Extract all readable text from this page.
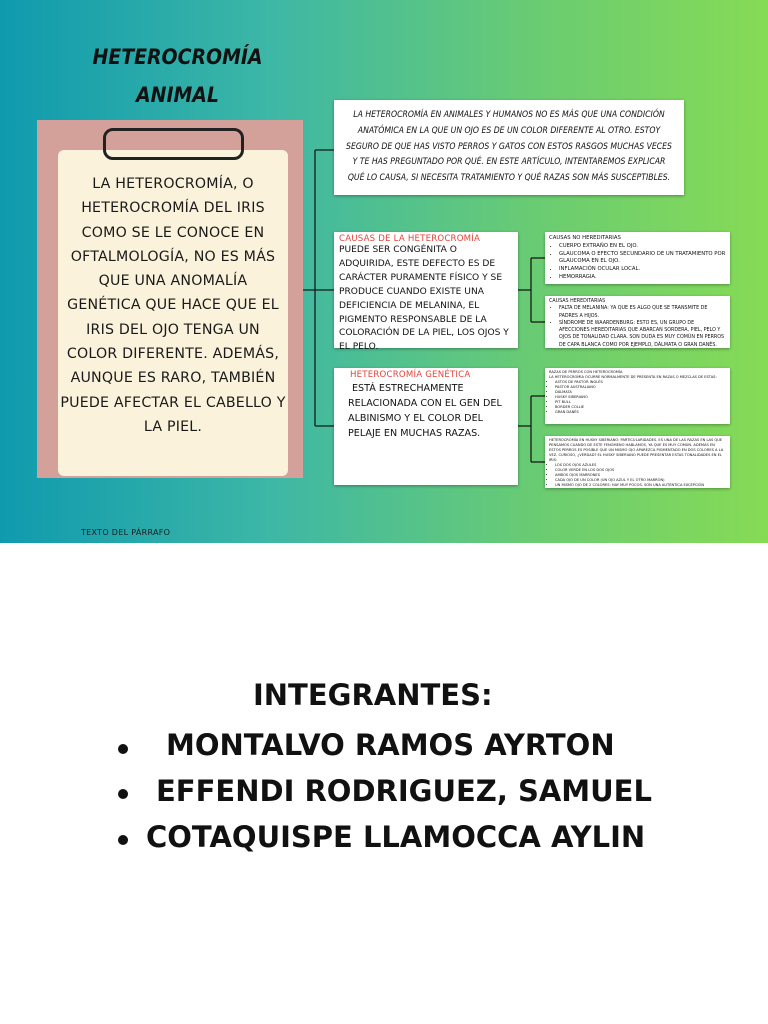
HETEROCROMÍA
ANIMAL
LA HETEROCROMÍA, O HETEROCROMÍA DEL IRIS COMO SE LE CONOCE EN OFTALMOLOGÍA, NO ES MÁS QUE UNA ANOMALÍA GENÉTICA QUE HACE QUE EL IRIS DEL OJO TENGA UN COLOR DIFERENTE. ADEMÁS, AUNQUE ES RARO, TAMBIÉN PUEDE AFECTAR EL CABELLO Y LA PIEL.
TEXTO DEL PÁRRAFO
LA HETEROCROMÍA EN ANIMALES Y HUMANOS NO ES MÁS QUE UNA CONDICIÓN ANATÓMICA EN LA QUE UN OJO ES DE UN COLOR DIFERENTE AL OTRO. ESTOY SEGURO DE QUE HAS VISTO PERROS Y GATOS CON ESTOS RASGOS MUCHAS VECES Y TE HAS PREGUNTADO POR QUÉ. EN ESTE ARTÍCULO, INTENTAREMOS EXPLICAR QUÉ LO CAUSA, SI NECESITA TRATAMIENTO Y QUÉ RAZAS SON MÁS SUSCEPTIBLES.
CAUSAS DE LA HETEROCROMÍA
PUEDE SER CONGÉNITA O ADQUIRIDA, ESTE DEFECTO ES DE CARÁCTER PURAMENTE FÍSICO Y SE PRODUCE CUANDO EXISTE UNA DEFICIENCIA DE MELANINA, EL PIGMENTO RESPONSABLE DE LA COLORACIÓN DE LA PIEL, LOS OJOS Y EL PELO.
HETEROCROMÍA GENÉTICA
ESTÁ ESTRECHAMENTE RELACIONADA CON EL GEN DEL ALBINISMO Y EL COLOR DEL PELAJE EN MUCHAS RAZAS.
CAUSAS NO HEREDITARIAS
• CUERPO EXTRAÑO EN EL OJO.
• GLAUCOMA O EFECTO SECUNDARIO DE UN TRATAMIENTO POR GLAUCOMA EN EL OJO.
• INFLAMACIÓN OCULAR LOCAL.
• HEMORRAGIA.
CAUSAS HEREDITARIAS
• FALTA DE MELANINA: YA QUE ES ALGO QUE SE TRANSMITE DE PADRES A HIJOS.
• SÍNDROME DE WAARDENBURG: ESTO ES, UN GRUPO DE AFECCIONES HEREDITARIAS QUE ABARCAN SORDERA, PIEL, PELO Y OJOS DE TONALIDAD CLARA. SON DUDA ES MUY COMÚN EN PERROS DE CAPA BLANCA COMO POR EJEMPLO, DÁLMATA O GRAN DANÉS.
RAZAS DE PERROS CON HETEROCROMÍA
LA HETEROCROMÍA OCURRE NORMALMENTE DE PRESENTA EN RAZAS O MEZCLAS DE ESTAS:
• ASTOS DE PASTOR INGLÉS
• PASTOR AUSTRALIANO
• DÁLMATA
• HUSKY SIBERIANO
• PIT BULL
• BORDER COLLIE
• GRAN DANÉS
HETEROCROMÍA EN HUSKY SIBERIANO: PARTICULARIDADES. ES UNA DE LAS RAZAS EN LAS QUE PENSAMOS CUANDO DE ESTE FENÓMENO HABLAMOS, YA QUE ES MUY COMÚN. ADEMÁS EN ESTOS PERROS ES POSIBLE QUE UN MISMO OJO APAREZCA PIGMENTADO EN DOS COLORES A LA VEZ. CURIOSO, ¿VERDAD? EL HUSKY SIBERIANO PUEDE PRESENTAR ESTAS TONALIDADES EN EL IRIS:
• LOS DOS OJOS AZULES
• COLOR VERDE EN LOS DOS OJOS
• AMBOS OJOS MARRONES
• CADA OJO DE UN COLOR (UN OJO AZUL Y EL OTRO MARRÓN)
• UN MISMO OJO DE 2 COLORES: HAY MUY POCOS. SON UNA AUTÉNTICA EXCEPCIÓN
INTEGRANTES:
MONTALVO RAMOS AYRTON
EFFENDI RODRIGUEZ, SAMUEL
COTAQUISPE LLAMOCCA AYLIN
